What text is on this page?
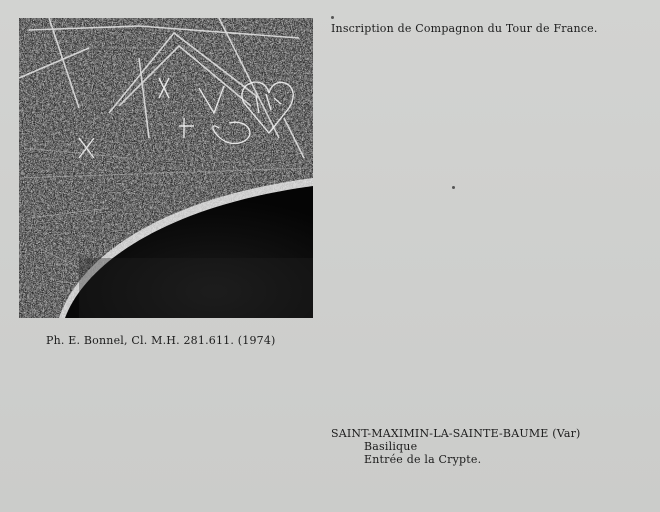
Inscription de Compagnon du Tour de France.
Ph. E. Bonnel, Cl. M.H. 281.611. (1974)
SAINT-MAXIMIN-LA-SAINTE-BAUME (Var)
Basilique
Entrée de la Crypte.
